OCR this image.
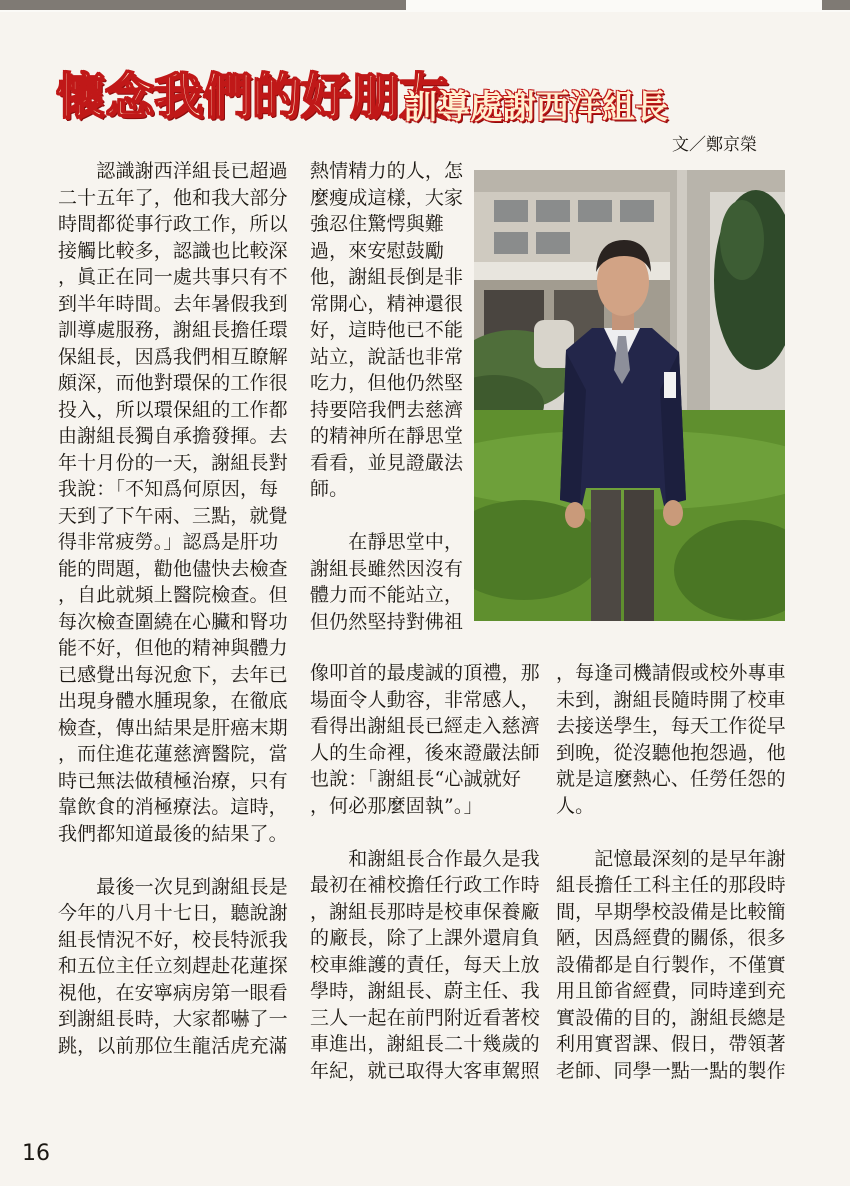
懷念我們的好朋友
訓導處謝西洋組長
文／鄭京榮

　　認識謝西洋組長已超過

二十五年了，他和我大部分

時間都從事行政工作，所以

接觸比較多，認識也比較深

，眞正在同一處共事只有不

到半年時間。去年暑假我到

訓導處服務，謝組長擔任環

保組長，因爲我們相互瞭解

頗深，而他對環保的工作很

投入，所以環保組的工作都

由謝組長獨自承擔發揮。去

年十月份的一天，謝組長對

我說：「不知爲何原因，每

天到了下午兩、三點，就覺

得非常疲勞。」認爲是肝功

能的問題，勸他儘快去檢查

，自此就頻上醫院檢查。但

每次檢查圍繞在心臟和腎功

能不好，但他的精神與體力

已感覺出每況愈下，去年已

出現身體水腫現象，在徹底

檢查，傳出結果是肝癌末期

，而住進花蓮慈濟醫院，當

時已無法做積極治療，只有

靠飲食的消極療法。這時，

我們都知道最後的結果了。

　　最後一次見到謝組長是

今年的八月十七日，聽說謝

組長情況不好，校長特派我

和五位主任立刻趕赴花蓮探

視他，在安寧病房第一眼看

到謝組長時，大家都嚇了一

跳，以前那位生龍活虎充滿

熱情精力的人，怎

麼瘦成這樣，大家

強忍住驚愕與難

過，來安慰鼓勵

他，謝組長倒是非

常開心，精神還很

好，這時他已不能

站立，說話也非常

吃力，但他仍然堅

持要陪我們去慈濟

的精神所在靜思堂

看看，並見證嚴法

師。

　　在靜思堂中，

謝組長雖然因沒有

體力而不能站立，

但仍然堅持對佛祖

像叩首的最虔誠的頂禮，那

場面令人動容，非常感人，

看得出謝組長已經走入慈濟

人的生命裡，後來證嚴法師

也說：「謝組長“心誠就好

，何必那麼固執”。」

　　和謝組長合作最久是我

最初在補校擔任行政工作時

，謝組長那時是校車保養廠

的廠長，除了上課外還肩負

校車維護的責任，每天上放

學時，謝組長、蔚主任、我

三人一起在前門附近看著校

車進出，謝組長二十幾歲的

年紀，就已取得大客車駕照

，每逢司機請假或校外專車

未到，謝組長隨時開了校車

去接送學生，每天工作從早

到晚，從沒聽他抱怨過，他

就是這麼熱心、任勞任怨的

人。

　　記憶最深刻的是早年謝

組長擔任工科主任的那段時

間，早期學校設備是比較簡

陋，因爲經費的關係，很多

設備都是自行製作，不僅實

用且節省經費，同時達到充

實設備的目的，謝組長總是

利用實習課、假日，帶領著

老師、同學一點一點的製作

16
